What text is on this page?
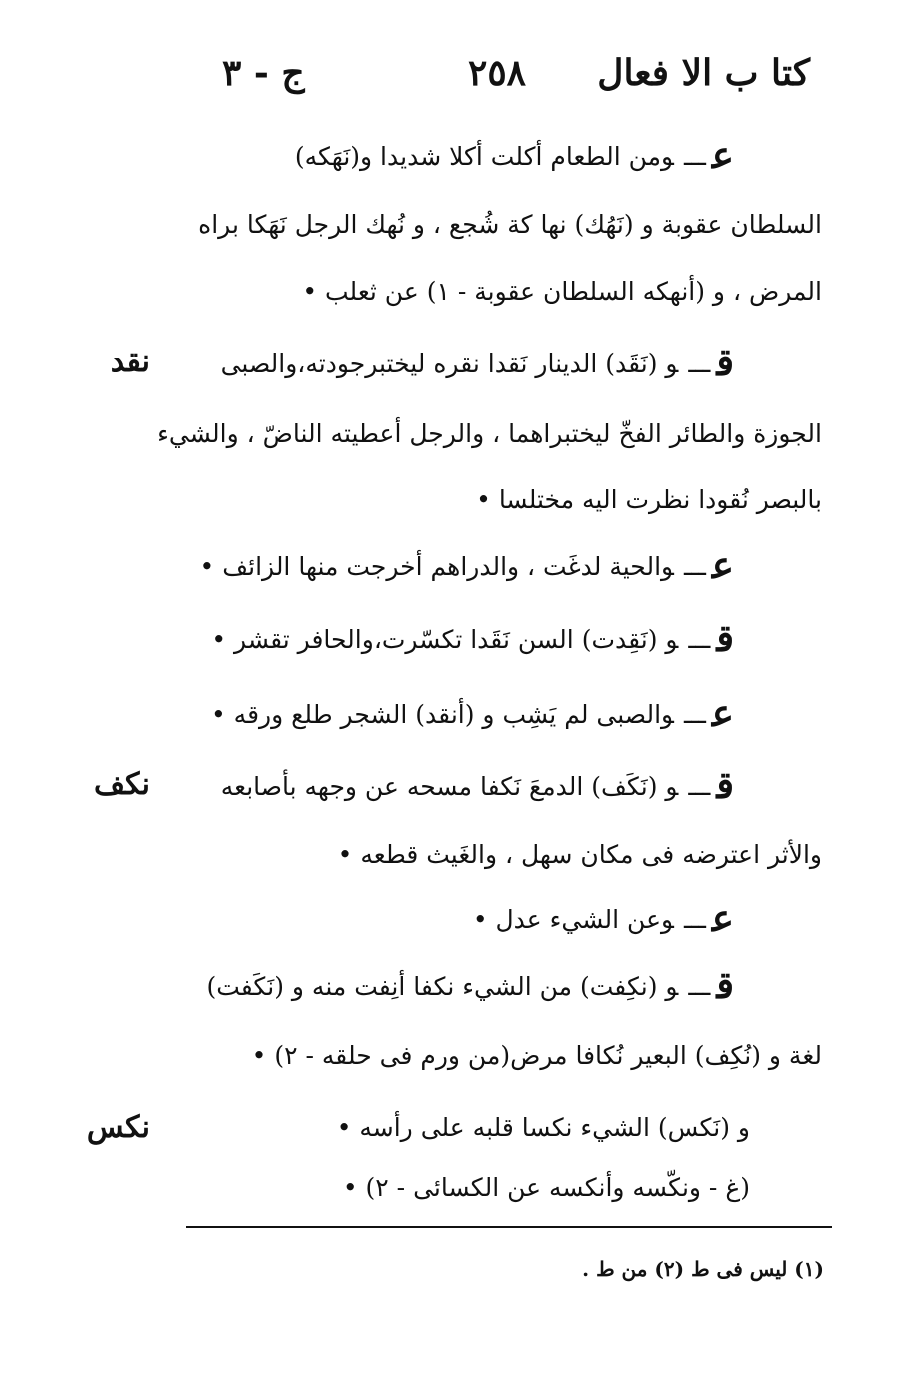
كتا ب الا فعال
٢٥٨
ج - ٣
عـــومن الطعام أكلت أكلا شديدا و(نَهَكه)
السلطان عقوبة و (نَهُك) نها كة شُجع ، و نُهك الرجل نَهَكا براه
المرض ، و (أنهكه السلطان عقوبة - ١) عن ثعلب •
نقد	قـــو (نَقَد) الدينار نَقدا نقره ليختبرجودته،والصبى
الجوزة والطائر الفخّ ليختبراهما ، والرجل أعطيته الناضّ ، والشيء
بالبصر نُقودا نظرت اليه مختلسا •
عـــوالحية لدغَت ، والدراهم أخرجت منها الزائف •
قـــو (نَقِدت) السن نَقَدا تكسّرت،والحافر تقشر •
عـــوالصبى لم يَشِب و (أنقد) الشجر طلع ورقه •
نكف	قـــو (نَكَف) الدمعَ نَكفا مسحه عن وجهه بأصابعه
والأثر اعترضه فى مكان سهل ، والغَيث قطعه •
عـــوعن الشيء عدل •
قـــو (نكِفت) من الشيء نكفا أنِفت منه و (نَكَفت)
لغة و (نُكِف) البعير نُكافا مرض(من ورم فى حلقه - ٢) •
نكس	و (نَكس) الشيء نكسا قلبه على رأسه •
(غ - ونكّسه وأنكسه عن الكسائى - ٢) •
(١) ليس فى ط (٢) من ط .
